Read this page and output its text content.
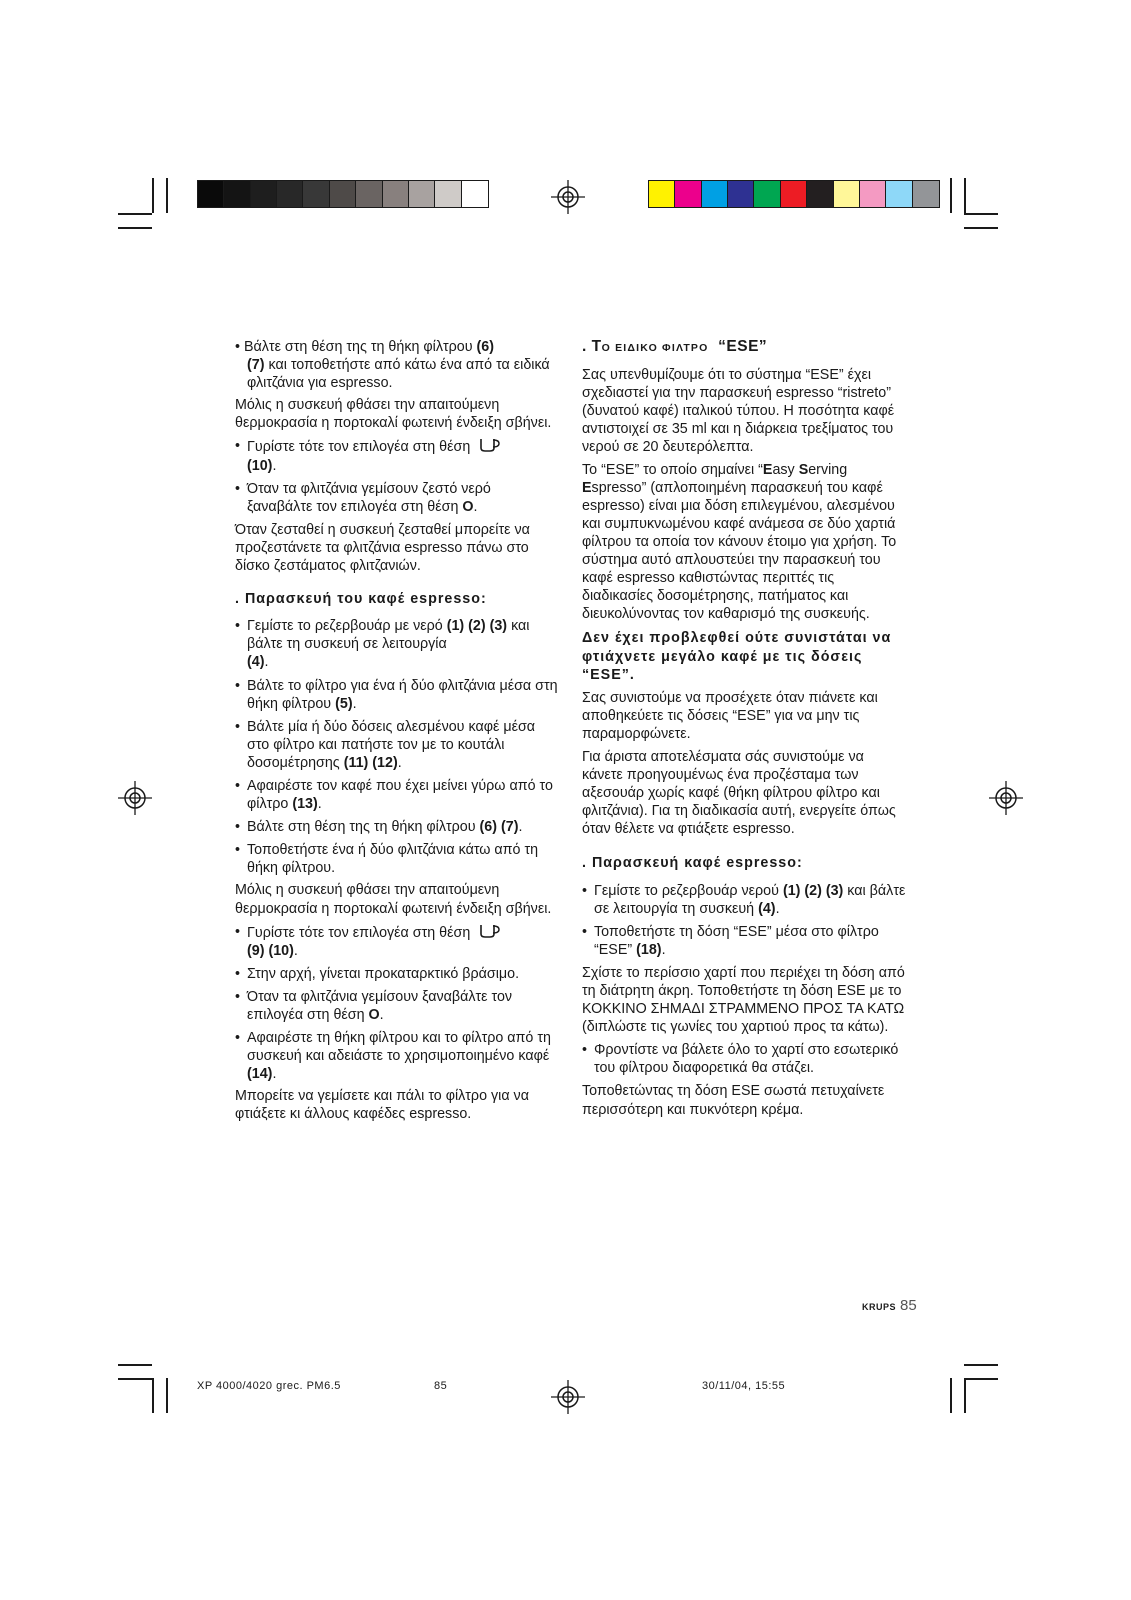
• Βάλτε στη θέση της τη θήκη φίλτρου (6)
(7) και τοποθετήστε από κάτω ένα από τα ειδικά φλιτζάνια για espresso.

Μόλις η συσκευή φθάσει την απαιτούμενη θερμοκρασία η πορτοκαλί φωτεινή ένδειξη σβήνει.

• Γυρίστε τότε τον επιλογέα στη θέση
(10).

• Όταν τα φλιτζάνια γεμίσουν ζεστό νερό ξαναβάλτε τον επιλογέα στη θέση O.

Όταν ζεσταθεί η συσκευή ζεσταθεί μπορείτε να προζεστάνετε τα φλιτζάνια espresso πάνω στο δίσκο ζεστάματος φλιτζανιών.

. Παρασκευή του καφέ espresso:

• Γεμίστε το ρεζερβουάρ με νερό (1) (2) (3) και βάλτε τη συσκευή σε λειτουργία
(4).

• Βάλτε το φίλτρο για ένα ή δύο φλιτζάνια μέσα στη θήκη φίλτρου (5).

• Βάλτε μία ή δύο δόσεις αλεσμένου καφέ μέσα στο φίλτρο και πατήστε τον με το κουτάλι δοσομέτρησης (11) (12).

• Αφαιρέστε τον καφέ που έχει μείνει γύρω από το φίλτρο (13).

• Βάλτε στη θέση της τη θήκη φίλτρου (6) (7).

• Τοποθετήστε ένα ή δύο φλιτζάνια κάτω από τη θήκη φίλτρου.

Μόλις η συσκευή φθάσει την απαιτούμενη θερμοκρασία η πορτοκαλί φωτεινή ένδειξη σβήνει.

• Γυρίστε τότε τον επιλογέα στη θέση
(9) (10).

• Στην αρχή, γίνεται προκαταρκτικό βράσιμο.

• Όταν τα φλιτζάνια γεμίσουν ξαναβάλτε τον επιλογέα στη θέση O.

• Αφαιρέστε τη θήκη φίλτρου και το φίλτρο από τη συσκευή και αδειάστε το χρησιμοποιημένο καφέ (14).

Μπορείτε να γεμίσετε και πάλι το φίλτρο για να φτιάξετε κι άλλους καφέδες espresso.

. ΤΟ ΕΙΔΙΚΟ ΦΙΛΤΡΟ “ESE”

Σας υπενθυμίζουμε ότι το σύστημα “ESE” έχει σχεδιαστεί για την παρασκευή espresso “ristreto” (δυνατού καφέ) ιταλικού τύπου. Η ποσότητα καφέ αντιστοιχεί σε 35 ml και η διάρκεια τρεξίματος του νερού σε 20 δευτερόλεπτα.

Το “ESE” το οποίο σημαίνει “Easy Serving
Espresso” (απλοποιημένη παρασκευή του καφέ espresso) είναι μια δόση επιλεγμένου, αλεσμένου και συμπυκνωμένου καφέ ανάμεσα σε δύο χαρτιά φίλτρου τα οποία τον κάνουν έτοιμο για χρήση. Το σύστημα αυτό απλουστεύει την παρασκευή του καφέ espresso καθιστώντας περιττές τις διαδικασίες δοσομέτρησης, πατήματος και διευκολύνοντας τον καθαρισμό της συσκευής.

Δεν έχει προβλεφθεί ούτε συνιστάται να φτιάχνετε μεγάλο καφέ με τις δόσεις “ESE”.

Σας συνιστούμε να προσέχετε όταν πιάνετε και αποθηκεύετε τις δόσεις “ESE” για να μην τις παραμορφώνετε.

Για άριστα αποτελέσματα σάς συνιστούμε να κάνετε προηγουμένως ένα προζέσταμα των αξεσουάρ χωρίς καφέ (θήκη φίλτρου φίλτρο και φλιτζάνια). Για τη διαδικασία αυτή, ενεργείτε όπως όταν θέλετε να φτιάξετε espresso.

. Παρασκευή καφέ espresso:

• Γεμίστε το ρεζερβουάρ νερού (1) (2) (3) και βάλτε σε λειτουργία τη συσκευή (4).

• Τοποθετήστε τη δόση “ESE” μέσα στο φίλτρο “ESE” (18).

Σχίστε το περίσσιο χαρτί που περιέχει τη δόση από τη διάτρητη άκρη. Τοποθετήστε τη δόση ESE με το ΚΟΚΚΙΝΟ ΣΗΜΑΔΙ ΣΤΡΑΜΜΕΝΟ ΠΡΟΣ ΤΑ ΚΑΤΩ (διπλώστε τις γωνίες του χαρτιού προς τα κάτω).

• Φροντίστε να βάλετε όλο το χαρτί στο εσωτερικό του φίλτρου διαφορετικά θα στάζει.

Τοποθετώντας τη δόση ESE σωστά πετυχαίνετε περισσότερη και πυκνότερη κρέμα.

KRUPS 85
XP 4000/4020 grec. PM6.5	85	30/11/04, 15:55
